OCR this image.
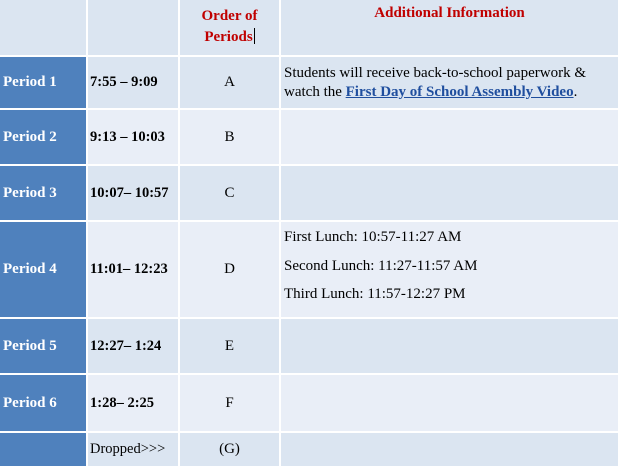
		Order of Periods	Additional Information

Period 1	7:55 – 9:09	A	Students will receive back-to-school paperwork & watch the First Day of School Assembly Video.

Period 2	9:13 – 10:03	B	

Period 3	10:07– 10:57	C	

Period 4	11:01– 12:23	D	First Lunch: 10:57-11:27 AM
Second Lunch: 11:27-11:57 AM
Third Lunch: 11:57-12:27 PM

Period 5	12:27– 1:24	E	

Period 6	1:28– 2:25	F	

	Dropped>>>	(G)	
